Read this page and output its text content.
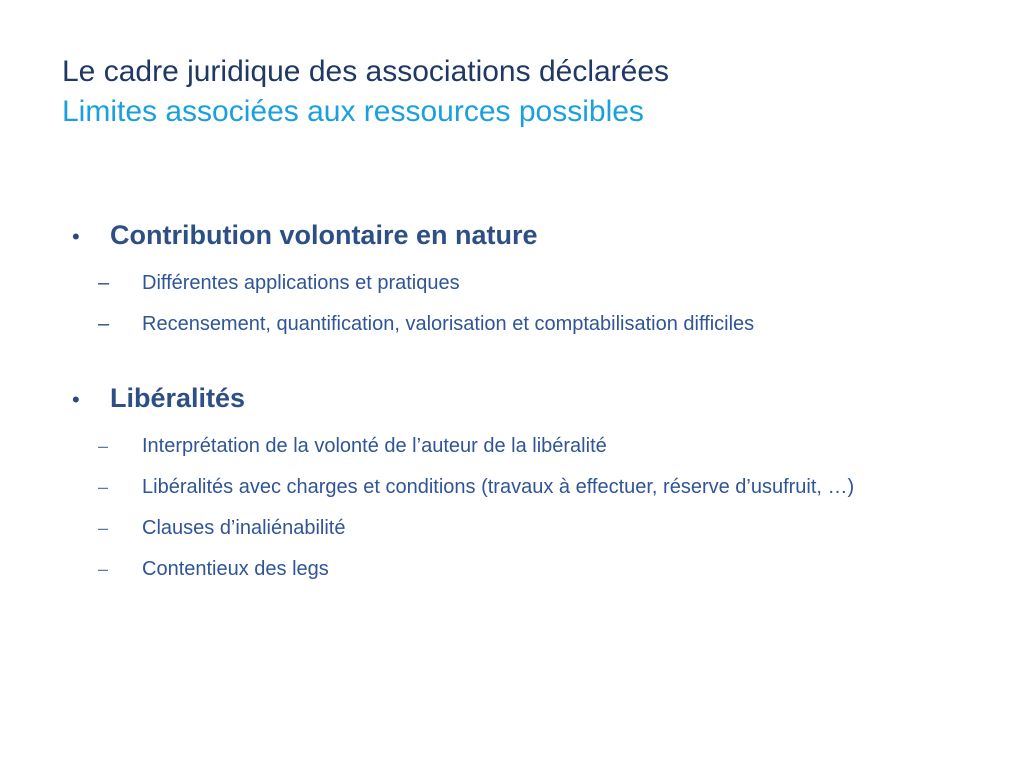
Le cadre juridique des associations déclarées
Limites associées aux ressources possibles
•	Contribution volontaire en nature
–	Différentes applications et pratiques
–	Recensement, quantification, valorisation et comptabilisation difficiles
•	Libéralités
–	Interprétation de la volonté de l’auteur de la libéralité
–	Libéralités avec charges et conditions (travaux à effectuer, réserve d’usufruit, …)
–	Clauses d’inaliénabilité
–	Contentieux des legs
